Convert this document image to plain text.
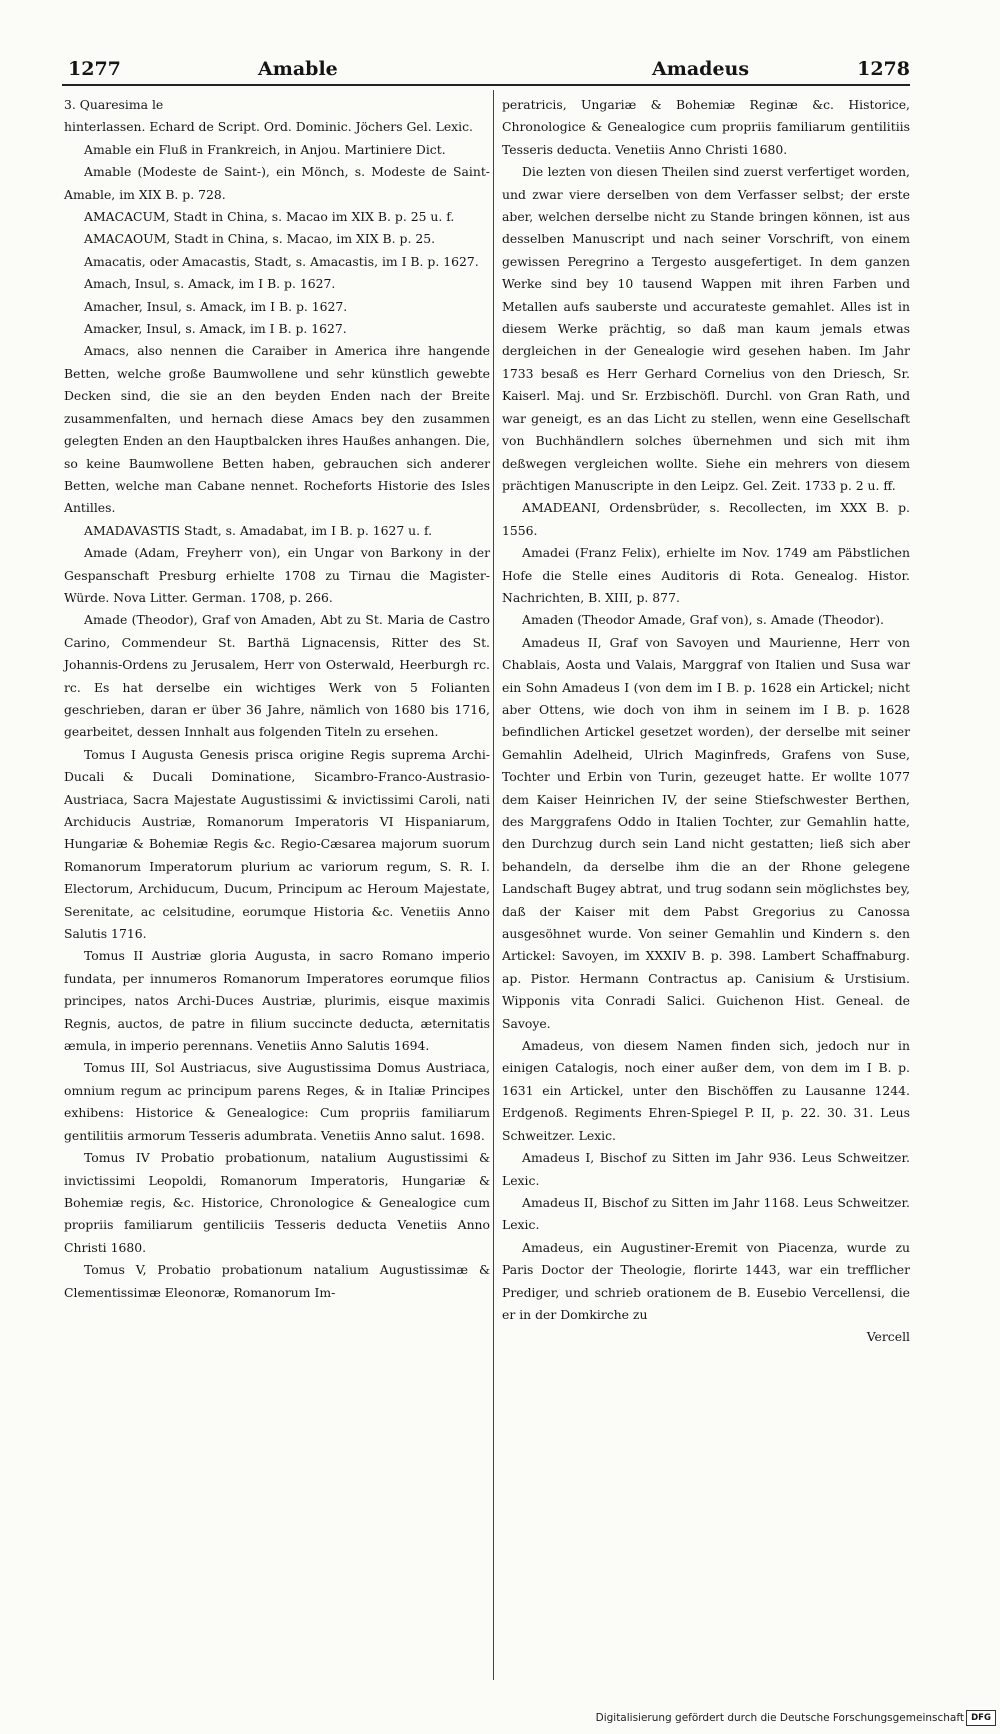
1277	Amable	Amadeus	1278

3. Quaresima le

hinterlassen. Echard de Script. Ord. Dominic. Jöchers Gel. Lexic.

Amable ein Fluß in Frankreich, in Anjou. Martiniere Dict.

Amable (Modeste de Saint-), ein Mönch, s. Modeste de Saint-Amable, im XIX B. p. 728.

AMACACUM, Stadt in China, s. Macao im XIX B. p. 25 u. f.

AMACAOUM, Stadt in China, s. Macao, im XIX B. p. 25.

Amacatis, oder Amacastis, Stadt, s. Amacastis, im I B. p. 1627.

Amach, Insul, s. Amack, im I B. p. 1627.

Amacher, Insul, s. Amack, im I B. p. 1627.

Amacker, Insul, s. Amack, im I B. p. 1627.

Amacs, also nennen die Caraiber in America ihre hangende Betten, welche große Baumwollene und sehr künstlich gewebte Decken sind, die sie an den beyden Enden nach der Breite zusammenfalten, und hernach diese Amacs bey den zusammen gelegten Enden an den Hauptbalcken ihres Haußes anhangen. Die, so keine Baumwollene Betten haben, gebrauchen sich anderer Betten, welche man Cabane nennet. Rocheforts Historie des Isles Antilles.

AMADAVASTIS Stadt, s. Amadabat, im I B. p. 1627 u. f.

Amade (Adam, Freyherr von), ein Ungar von Barkony in der Gespanschaft Presburg erhielte 1708 zu Tirnau die Magister-Würde. Nova Litter. German. 1708, p. 266.

Amade (Theodor), Graf von Amaden, Abt zu St. Maria de Castro Carino, Commendeur St. Barthä Lignacensis, Ritter des St. Johannis-Ordens zu Jerusalem, Herr von Osterwald, Heerburgh rc. rc. Es hat derselbe ein wichtiges Werk von 5 Folianten geschrieben, daran er über 36 Jahre, nämlich von 1680 bis 1716, gearbeitet, dessen Innhalt aus folgenden Titeln zu ersehen.

Tomus I Augusta Genesis prisca origine Regis suprema Archi-Ducali & Ducali Dominatione, Sicambro-Franco-Austrasio-Austriaca, Sacra Majestate Augustissimi & invictissimi Caroli, nati Archiducis Austriæ, Romanorum Imperatoris VI Hispaniarum, Hungariæ & Bohemiæ Regis &c. Regio-Cæsarea majorum suorum Romanorum Imperatorum plurium ac variorum regum, S. R. I. Electorum, Archiducum, Ducum, Principum ac Heroum Majestate, Serenitate, ac celsitudine, eorumque Historia &c. Venetiis Anno Salutis 1716.

Tomus II Austriæ gloria Augusta, in sacro Romano imperio fundata, per innumeros Romanorum Imperatores eorumque filios principes, natos Archi-Duces Austriæ, plurimis, eisque maximis Regnis, auctos, de patre in filium succincte deducta, æternitatis æmula, in imperio perennans. Venetiis Anno Salutis 1694.

Tomus III, Sol Austriacus, sive Augustissima Domus Austriaca, omnium regum ac principum parens Reges, & in Italiæ Principes exhibens: Historice & Genealogice: Cum propriis familiarum gentilitiis armorum Tesseris adumbrata. Venetiis Anno salut. 1698.

Tomus IV Probatio probationum, natalium Augustissimi & invictissimi Leopoldi, Romanorum Imperatoris, Hungariæ & Bohemiæ regis, &c. Historice, Chronologice & Genealogice cum propriis familiarum gentiliciis Tesseris deducta Venetiis Anno Christi 1680.

Tomus V, Probatio probationum natalium Augustissimæ & Clementissimæ Eleonoræ, Romanorum Im-

peratricis, Ungariæ & Bohemiæ Reginæ &c. Historice, Chronologice & Genealogice cum propriis familiarum gentilitiis Tesseris deducta. Venetiis Anno Christi 1680.

Die lezten von diesen Theilen sind zuerst verfertiget worden, und zwar viere derselben von dem Verfasser selbst; der erste aber, welchen derselbe nicht zu Stande bringen können, ist aus desselben Manuscript und nach seiner Vorschrift, von einem gewissen Peregrino a Tergesto ausgefertiget. In dem ganzen Werke sind bey 10 tausend Wappen mit ihren Farben und Metallen aufs sauberste und accurateste gemahlet. Alles ist in diesem Werke prächtig, so daß man kaum jemals etwas dergleichen in der Genealogie wird gesehen haben. Im Jahr 1733 besaß es Herr Gerhard Cornelius von den Driesch, Sr. Kaiserl. Maj. und Sr. Erzbischöfl. Durchl. von Gran Rath, und war geneigt, es an das Licht zu stellen, wenn eine Gesellschaft von Buchhändlern solches übernehmen und sich mit ihm deßwegen vergleichen wollte. Siehe ein mehrers von diesem prächtigen Manuscripte in den Leipz. Gel. Zeit. 1733 p. 2 u. ff.

AMADEANI, Ordensbrüder, s. Recollecten, im XXX B. p. 1556.

Amadei (Franz Felix), erhielte im Nov. 1749 am Päbstlichen Hofe die Stelle eines Auditoris di Rota. Genealog. Histor. Nachrichten, B. XIII, p. 877.

Amaden (Theodor Amade, Graf von), s. Amade (Theodor).

Amadeus II, Graf von Savoyen und Maurienne, Herr von Chablais, Aosta und Valais, Marggraf von Italien und Susa war ein Sohn Amadeus I (von dem im I B. p. 1628 ein Artickel; nicht aber Ottens, wie doch von ihm in seinem im I B. p. 1628 befindlichen Artickel gesetzet worden), der derselbe mit seiner Gemahlin Adelheid, Ulrich Maginfreds, Grafens von Suse, Tochter und Erbin von Turin, gezeuget hatte. Er wollte 1077 dem Kaiser Heinrichen IV, der seine Stiefschwester Berthen, des Marggrafens Oddo in Italien Tochter, zur Gemahlin hatte, den Durchzug durch sein Land nicht gestatten; ließ sich aber behandeln, da derselbe ihm die an der Rhone gelegene Landschaft Bugey abtrat, und trug sodann sein möglichstes bey, daß der Kaiser mit dem Pabst Gregorius zu Canossa ausgesöhnet wurde. Von seiner Gemahlin und Kindern s. den Artickel: Savoyen, im XXXIV B. p. 398. Lambert Schaffnaburg. ap. Pistor. Hermann Contractus ap. Canisium & Urstisium. Wipponis vita Conradi Salici. Guichenon Hist. Geneal. de Savoye.

Amadeus, von diesem Namen finden sich, jedoch nur in einigen Catalogis, noch einer außer dem, von dem im I B. p. 1631 ein Artickel, unter den Bischöffen zu Lausanne 1244. Erdgenoß. Regiments Ehren-Spiegel P. II, p. 22. 30. 31. Leus Schweitzer. Lexic.

Amadeus I, Bischof zu Sitten im Jahr 936. Leus Schweitzer. Lexic.

Amadeus II, Bischof zu Sitten im Jahr 1168. Leus Schweitzer. Lexic.

Amadeus, ein Augustiner-Eremit von Piacenza, wurde zu Paris Doctor der Theologie, florirte 1443, war ein trefflicher Prediger, und schrieb orationem de B. Eusebio Vercellensi, die er in der Domkirche zu

Vercell

Digitalisierung gefördert durch die Deutsche Forschungsgemeinschaft DFG
